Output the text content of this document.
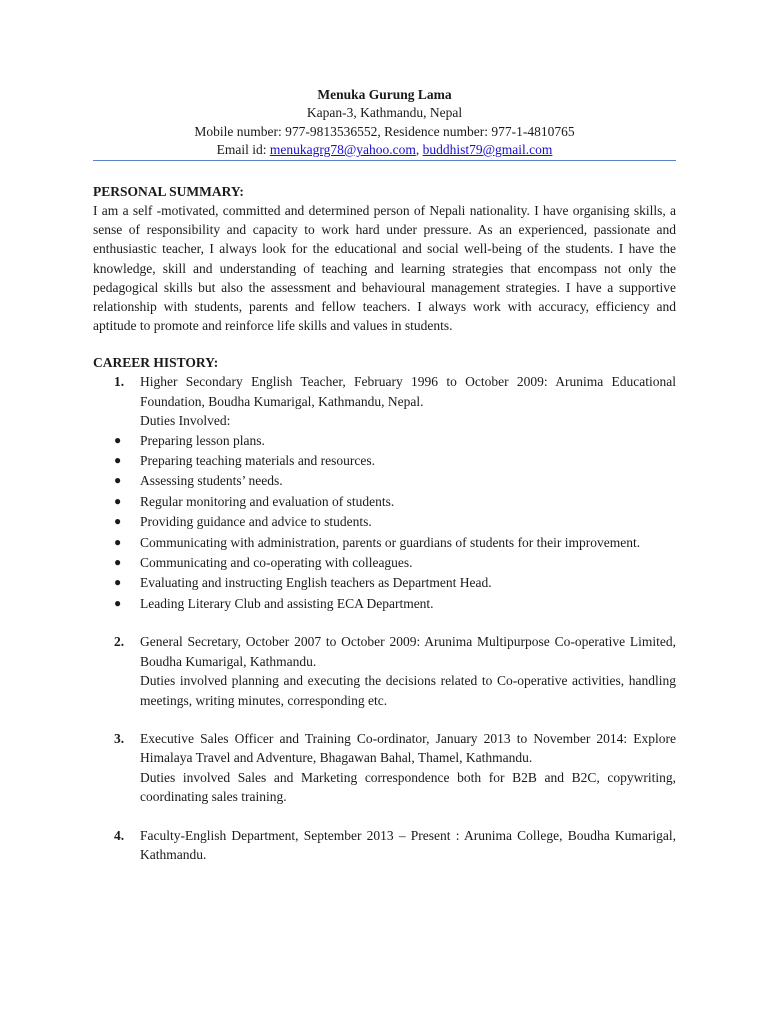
Menuka Gurung Lama
Kapan-3, Kathmandu, Nepal
Mobile number: 977-9813536552, Residence number: 977-1-4810765
Email id: menukagrg78@yahoo.com, buddhist79@gmail.com
PERSONAL SUMMARY:

I am a self -motivated, committed and determined person of Nepali nationality. I have organising skills, a sense of responsibility and capacity to work hard under pressure. As an experienced, passionate and enthusiastic teacher, I always look for the educational and social well-being of the students. I have the knowledge, skill and understanding of teaching and learning strategies that encompass not only the pedagogical skills but also the assessment and behavioural management strategies. I have a supportive relationship with students, parents and fellow teachers. I always work with accuracy, efficiency and aptitude to promote and reinforce life skills and values in students.

CAREER HISTORY:
1. Higher Secondary English Teacher, February 1996 to October 2009: Arunima Educational Foundation, Boudha Kumarigal, Kathmandu, Nepal.
Duties Involved:
● Preparing lesson plans.
● Preparing teaching materials and resources.
● Assessing students’ needs.
● Regular monitoring and evaluation of students.
● Providing guidance and advice to students.
● Communicating with administration, parents or guardians of students for their improvement.
● Communicating and co-operating with colleagues.
● Evaluating and instructing English teachers as Department Head.
● Leading Literary Club and assisting ECA Department.
2. General Secretary, October 2007 to October 2009: Arunima Multipurpose Co-operative Limited, Boudha Kumarigal, Kathmandu.
Duties involved planning and executing the decisions related to Co-operative activities, handling meetings, writing minutes, corresponding etc.
3. Executive Sales Officer and Training Co-ordinator, January 2013 to November 2014: Explore Himalaya Travel and Adventure, Bhagawan Bahal, Thamel, Kathmandu.
Duties involved Sales and Marketing correspondence both for B2B and B2C, copywriting, coordinating sales training.
4. Faculty-English Department, September 2013 – Present : Arunima College, Boudha Kumarigal, Kathmandu.
